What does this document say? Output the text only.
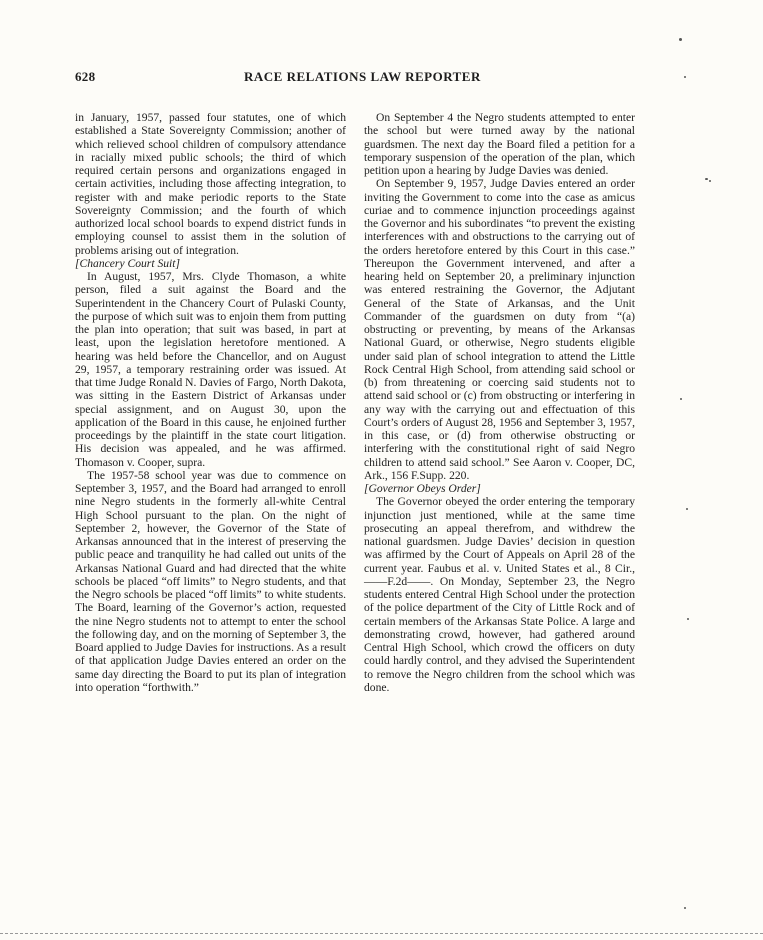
628	RACE RELATIONS LAW REPORTER

in January, 1957, passed four statutes, one of which established a State Sovereignty Commission; another of which relieved school children of compulsory attendance in racially mixed public schools; the third of which required certain persons and organizations engaged in certain activities, including those affecting integration, to register with and make periodic reports to the State Sovereignty Commission; and the fourth of which authorized local school boards to expend district funds in employing counsel to assist them in the solution of problems arising out of integration.

[Chancery Court Suit]

In August, 1957, Mrs. Clyde Thomason, a white person, filed a suit against the Board and the Superintendent in the Chancery Court of Pulaski County, the purpose of which suit was to enjoin them from putting the plan into operation; that suit was based, in part at least, upon the legislation heretofore mentioned. A hearing was held before the Chancellor, and on August 29, 1957, a temporary restraining order was issued. At that time Judge Ronald N. Davies of Fargo, North Dakota, was sitting in the Eastern District of Arkansas under special assignment, and on August 30, upon the application of the Board in this cause, he enjoined further proceedings by the plaintiff in the state court litigation. His decision was appealed, and he was affirmed. Thomason v. Cooper, supra.

The 1957-58 school year was due to commence on September 3, 1957, and the Board had arranged to enroll nine Negro students in the formerly all-white Central High School pursuant to the plan. On the night of September 2, however, the Governor of the State of Arkansas announced that in the interest of preserving the public peace and tranquility he had called out units of the Arkansas National Guard and had directed that the white schools be placed “off limits” to Negro students, and that the Negro schools be placed “off limits” to white students. The Board, learning of the Governor’s action, requested the nine Negro students not to attempt to enter the school the following day, and on the morning of September 3, the Board applied to Judge Davies for instructions. As a result of that application Judge Davies entered an order on the same day directing the Board to put its plan of integration into operation “forthwith.”

On September 4 the Negro students attempted to enter the school but were turned away by the national guardsmen. The next day the Board filed a petition for a temporary suspension of the operation of the plan, which petition upon a hearing by Judge Davies was denied.

On September 9, 1957, Judge Davies entered an order inviting the Government to come into the case as amicus curiae and to commence injunction proceedings against the Governor and his subordinates “to prevent the existing interferences with and obstructions to the carrying out of the orders heretofore entered by this Court in this case.” Thereupon the Government intervened, and after a hearing held on September 20, a preliminary injunction was entered restraining the Governor, the Adjutant General of the State of Arkansas, and the Unit Commander of the guardsmen on duty from “(a) obstructing or preventing, by means of the Arkansas National Guard, or otherwise, Negro students eligible under said plan of school integration to attend the Little Rock Central High School, from attending said school or (b) from threatening or coercing said students not to attend said school or (c) from obstructing or interfering in any way with the carrying out and effectuation of this Court’s orders of August 28, 1956 and September 3, 1957, in this case, or (d) from otherwise obstructing or interfering with the constitutional right of said Negro children to attend said school.” See Aaron v. Cooper, DC, Ark., 156 F.Supp. 220.

[Governor Obeys Order]

The Governor obeyed the order entering the temporary injunction just mentioned, while at the same time prosecuting an appeal therefrom, and withdrew the national guardsmen. Judge Davies’ decision in question was affirmed by the Court of Appeals on April 28 of the current year. Faubus et al. v. United States et al., 8 Cir., ——F.2d——. On Monday, September 23, the Negro students entered Central High School under the protection of the police department of the City of Little Rock and of certain members of the Arkansas State Police. A large and demonstrating crowd, however, had gathered around Central High School, which crowd the officers on duty could hardly control, and they advised the Superintendent to remove the Negro children from the school which was done.
